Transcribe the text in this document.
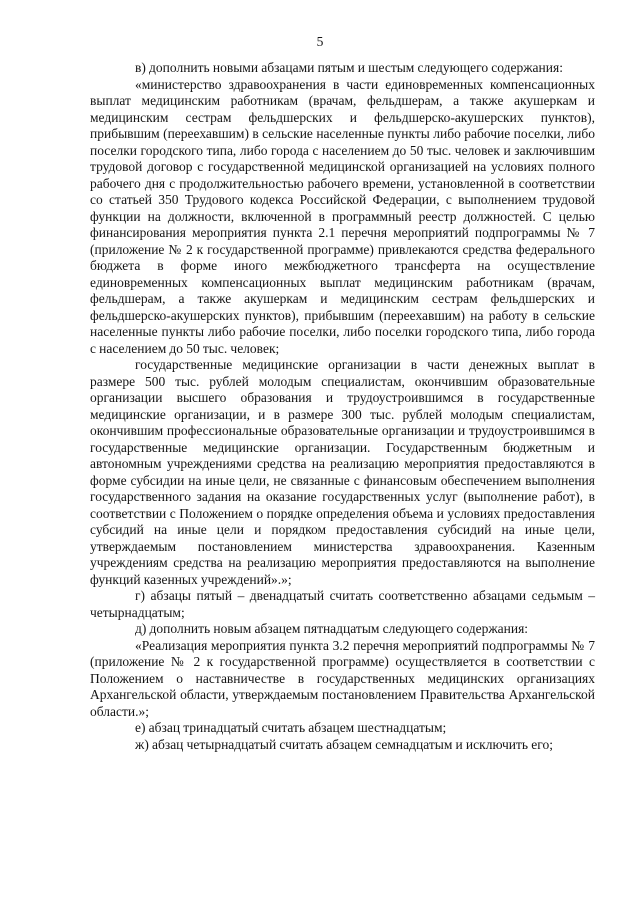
5

в) дополнить новыми абзацами пятым и шестым следующего содержания:

«министерство здравоохранения в части единовременных компенсационных выплат медицинским работникам (врачам, фельдшерам, а также акушеркам и медицинским сестрам фельдшерских и фельдшерско-акушерских пунктов), прибывшим (переехавшим) в сельские населенные пункты либо рабочие поселки, либо поселки городского типа, либо города с населением до 50 тыс. человек и заключившим трудовой договор с государственной медицинской организацией на условиях полного рабочего дня с продолжительностью рабочего времени, установленной в соответствии со статьей 350 Трудового кодекса Российской Федерации, с выполнением трудовой функции на должности, включенной в программный реестр должностей. С целью финансирования мероприятия пункта 2.1 перечня мероприятий подпрограммы № 7 (приложение № 2 к государственной программе) привлекаются средства федерального бюджета в форме иного межбюджетного трансферта на осуществление единовременных компенсационных выплат медицинским работникам (врачам, фельдшерам, а также акушеркам и медицинским сестрам фельдшерских и фельдшерско-акушерских пунктов), прибывшим (переехавшим) на работу в сельские населенные пункты либо рабочие поселки, либо поселки городского типа, либо города с населением до 50 тыс. человек;

государственные медицинские организации в части денежных выплат в размере 500 тыс. рублей молодым специалистам, окончившим образовательные организации высшего образования и трудоустроившимся в государственные медицинские организации, и в размере 300 тыс. рублей молодым специалистам, окончившим профессиональные образовательные организации и трудоустроившимся в государственные медицинские организации. Государственным бюджетным и автономным учреждениями средства на реализацию мероприятия предоставляются в форме субсидии на иные цели, не связанные с финансовым обеспечением выполнения государственного задания на оказание государственных услуг (выполнение работ), в соответствии с Положением о порядке определения объема и условиях предоставления субсидий на иные цели и порядком предоставления субсидий на иные цели, утверждаемым постановлением министерства здравоохранения. Казенным учреждениям средства на реализацию мероприятия предоставляются на выполнение функций казенных учреждений».»;

г) абзацы пятый – двенадцатый считать соответственно абзацами седьмым – четырнадцатым;

д) дополнить новым абзацем пятнадцатым следующего содержания:

«Реализация мероприятия пункта 3.2 перечня мероприятий подпрограммы № 7 (приложение № 2 к государственной программе) осуществляется в соответствии с Положением о наставничестве в государственных медицинских организациях Архангельской области, утверждаемым постановлением Правительства Архангельской области.»;

е) абзац тринадцатый считать абзацем шестнадцатым;

ж) абзац четырнадцатый считать абзацем семнадцатым и исключить его;
